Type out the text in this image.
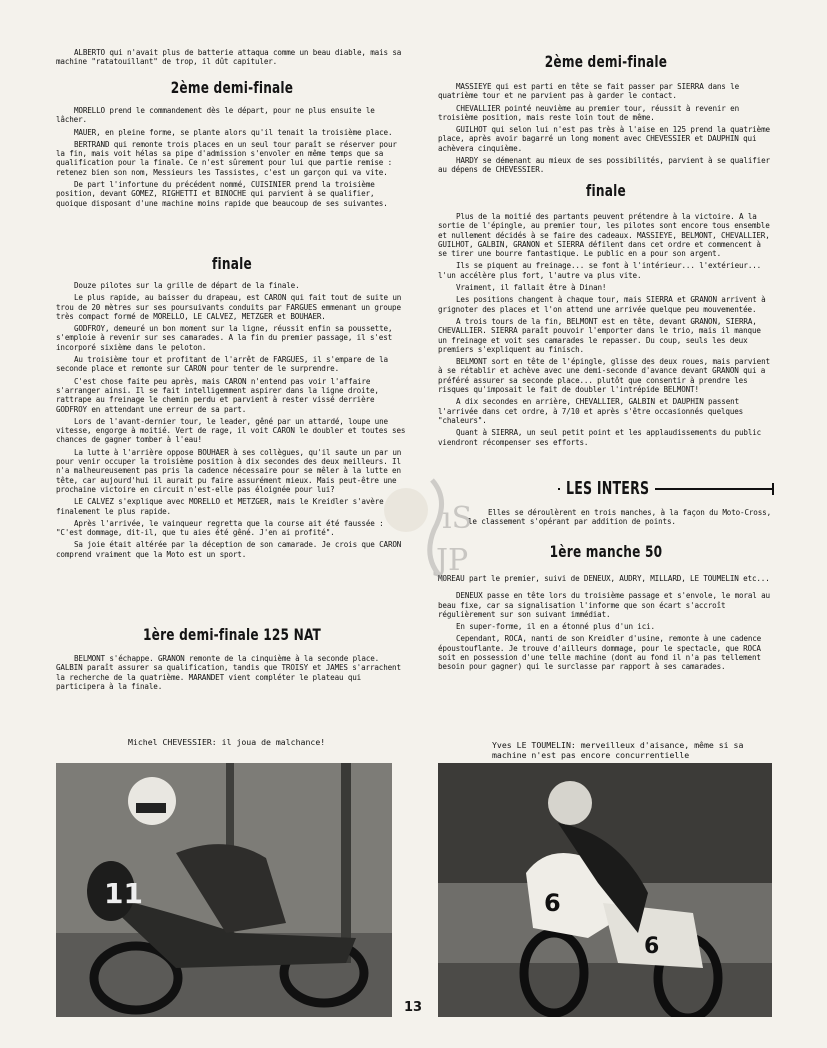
ALBERTO qui n'avait plus de batterie attaqua comme un beau diable, mais sa machine "ratatouillant" de trop, il dût capituler.

2ème demi-finale

MORELLO prend le commandement dès le départ, pour ne plus ensuite le lâcher.

MAUER, en pleine forme, se plante alors qu'il tenait la troisième place.

BERTRAND qui remonte trois places en un seul tour paraît se réserver pour la fin, mais voit hélas sa pipe d'admission s'envoler en même temps que sa qualification pour la finale. Ce n'est sûrement pour lui que partie remise : retenez bien son nom, Messieurs les Tassistes, c'est un garçon qui va vite.

De part l'infortune du précédent nommé, CUISINIER prend la troisième position, devant GOMEZ, RIGHETTI et BINOCHE qui parvient à se qualifier, quoique disposant d'une machine moins rapide que beaucoup de ses suivantes.

finale

Douze pilotes sur la grille de départ de la finale.

Le plus rapide, au baisser du drapeau, est CARON qui fait tout de suite un trou de 20 mètres sur ses poursuivants conduits par FARGUES emmenant un groupe très compact formé de MORELLO, LE CALVEZ, METZGER et BOUHAER.

GODFROY, demeuré un bon moment sur la ligne, réussit enfin sa poussette, s'emploie à revenir sur ses camarades. A la fin du premier passage, il s'est incorporé sixième dans le peloton.

Au troisième tour et profitant de l'arrêt de FARGUES, il s'empare de la seconde place et remonte sur CARON pour tenter de le surprendre.

C'est chose faite peu après, mais CARON n'entend pas voir l'affaire s'arranger ainsi. Il se fait intelligemment aspirer dans la ligne droite, rattrape au freinage le chemin perdu et parvient à rester vissé derrière GODFROY en attendant une erreur de sa part.

Lors de l'avant-dernier tour, le leader, gêné par un attardé, loupe une vitesse, engorge à moitié. Vert de rage, il voit CARON le doubler et toutes ses chances de gagner tomber à l'eau!

La lutte à l'arrière oppose BOUHAER à ses collègues, qu'il saute un par un pour venir occuper la troisième position à dix secondes des deux meilleurs. Il n'a malheureusement pas pris la cadence nécessaire pour se mêler à la lutte en tête, car aujourd'hui il aurait pu faire assurément mieux. Mais peut-être une prochaine victoire en circuit n'est-elle pas éloignée pour lui?

LE CALVEZ s'explique avec MORELLO et METZGER, mais le Kreidler s'avère finalement le plus rapide.

Après l'arrivée, le vainqueur regretta que la course ait été faussée : "C'est dommage, dit-il, que tu aies été gêné. J'en ai profité".

Sa joie était altérée par la déception de son camarade. Je crois que CARON comprend vraiment que la Moto est un sport.

1ère demi-finale 125 NAT

BELMONT s'échappe. GRANON remonte de la cinquième à la seconde place. GALBIN paraît assurer sa qualification, tandis que TROISY et JAMES s'arrachent la recherche de la quatrième. MARANDET vient compléter le plateau qui participera à la finale.

2ème demi-finale

MASSIEYE qui est parti en tête se fait passer par SIERRA dans le quatrième tour et ne parvient pas à garder le contact.

CHEVALLIER pointé neuvième au premier tour, réussit à revenir en troisième position, mais reste loin tout de même.

GUILHOT qui selon lui n'est pas très à l'aise en 125 prend la quatrième place, après avoir bagarré un long moment avec CHEVESSIER et DAUPHIN qui achèvera cinquième.

HARDY se démenant au mieux de ses possibilités, parvient à se qualifier au dépens de CHEVESSIER.

finale

Plus de la moitié des partants peuvent prétendre à la victoire. A la sortie de l'épingle, au premier tour, les pilotes sont encore tous ensemble et nullement décidés à se faire des cadeaux. MASSIEYE, BELMONT, CHEVALLIER, GUILHOT, GALBIN, GRANON et SIERRA défilent dans cet ordre et commencent à se tirer une bourre fantastique. Le public en a pour son argent.

Ils se piquent au freinage... se font à l'intérieur... l'extérieur... l'un accélère plus fort, l'autre va plus vite.

Vraiment, il fallait être à Dinan!

Les positions changent à chaque tour, mais SIERRA et GRANON arrivent à grignoter des places et l'on attend une arrivée quelque peu mouvementée.

A trois tours de la fin, BELMONT est en tête, devant GRANON, SIERRA, CHEVALLIER. SIERRA paraît pouvoir l'emporter dans le trio, mais il manque un freinage et voit ses camarades le repasser. Du coup, seuls les deux premiers s'expliquent au finisch.

BELMONT sort en tête de l'épingle, glisse des deux roues, mais parvient à se rétablir et achève avec une demi-seconde d'avance devant GRANON qui a préféré assurer sa seconde place... plutôt que consentir à prendre les risques qu'imposait le fait de doubler l'intrépide BELMONT!

A dix secondes en arrière, CHEVALLIER, GALBIN et DAUPHIN passent l'arrivée dans cet ordre, à 7/10 et après s'être occasionnés quelques "chaleurs".

Quant à SIERRA, un seul petit point et les applaudissements du public viendront récompenser ses efforts.

LES INTERS

Elles se déroulèrent en trois manches, à la façon du Moto-Cross, le classement s'opérant par addition de points.

1ère manche 50

MOREAU part le premier, suivi de DENEUX, AUDRY, MILLARD, LE TOUMELIN etc...

DENEUX passe en tête lors du troisième passage et s'envole, le moral au beau fixe, car sa signalisation l'informe que son écart s'accroît régulièrement sur son suivant immédiat.

En super-forme, il en a étonné plus d'un ici.

Cependant, ROCA, nanti de son Kreidler d'usine, remonte à une cadence époustouflante. Je trouve d'ailleurs dommage, pour le spectacle, que ROCA soit en possession d'une telle machine (dont au fond il n'a pas tellement besoin pour gagner) qui le surclasse par rapport à ses camarades.

ıS
JP
Michel CHEVESSIER: il joua de malchance!	Yves LE TOUMELIN: merveilleux d'aisance, même si sa machine n'est pas encore concurrentielle
11	6
6
13
